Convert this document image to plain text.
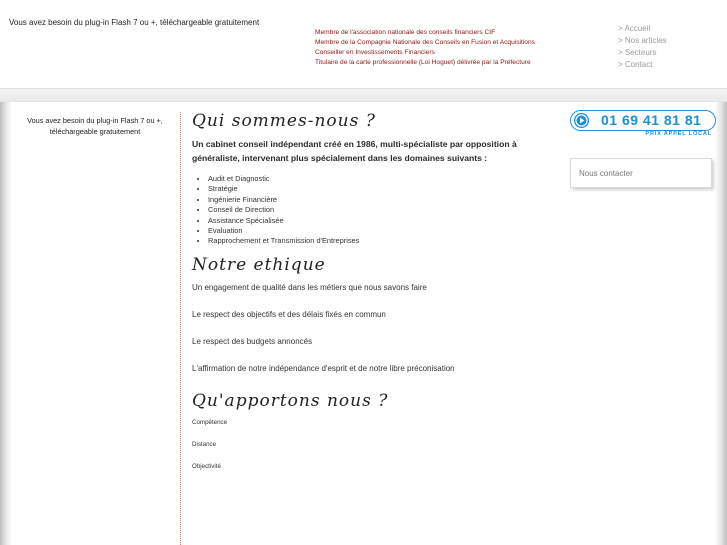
Vous avez besoin du plug-in Flash 7 ou +, téléchargeable gratuitement
Membre de l'association nationale des conseils financiers CIF
Membre de la Compagnie Nationale des Conseils en Fusion et Acquisitions
Conseiller en Investissements Financiers
Titulaire de la carte professionnelle (Loi Hoguet) délivrée par la Préfecture
> Accueil
> Nos articles
> Secteurs
> Contact
Vous avez besoin du plug-in Flash 7 ou +, téléchargeable gratuitement
Qui sommes-nous ?

Un cabinet conseil indépendant créé en 1986, multi-spécialiste par opposition à généraliste, intervenant plus spécialement dans les domaines suivants :

• Audit et Diagnostic
• Stratégie
• Ingénierie Financière
• Conseil de Direction
• Assistance Spécialisée
• Evaluation
• Rapprochement et Transmission d'Entreprises
Notre ethique

Un engagement de qualité dans les métiers que nous savons faire

Le respect des objectifs et des délais fixés en commun

Le respect des budgets annoncés

L'affirmation de notre indépendance d'esprit et de notre libre préconisation

Qu'apportons nous ?

Compétence

Distance

Objectivité

01 69 41 81 81
PRIX APPEL LOCAL
Nous contacter
